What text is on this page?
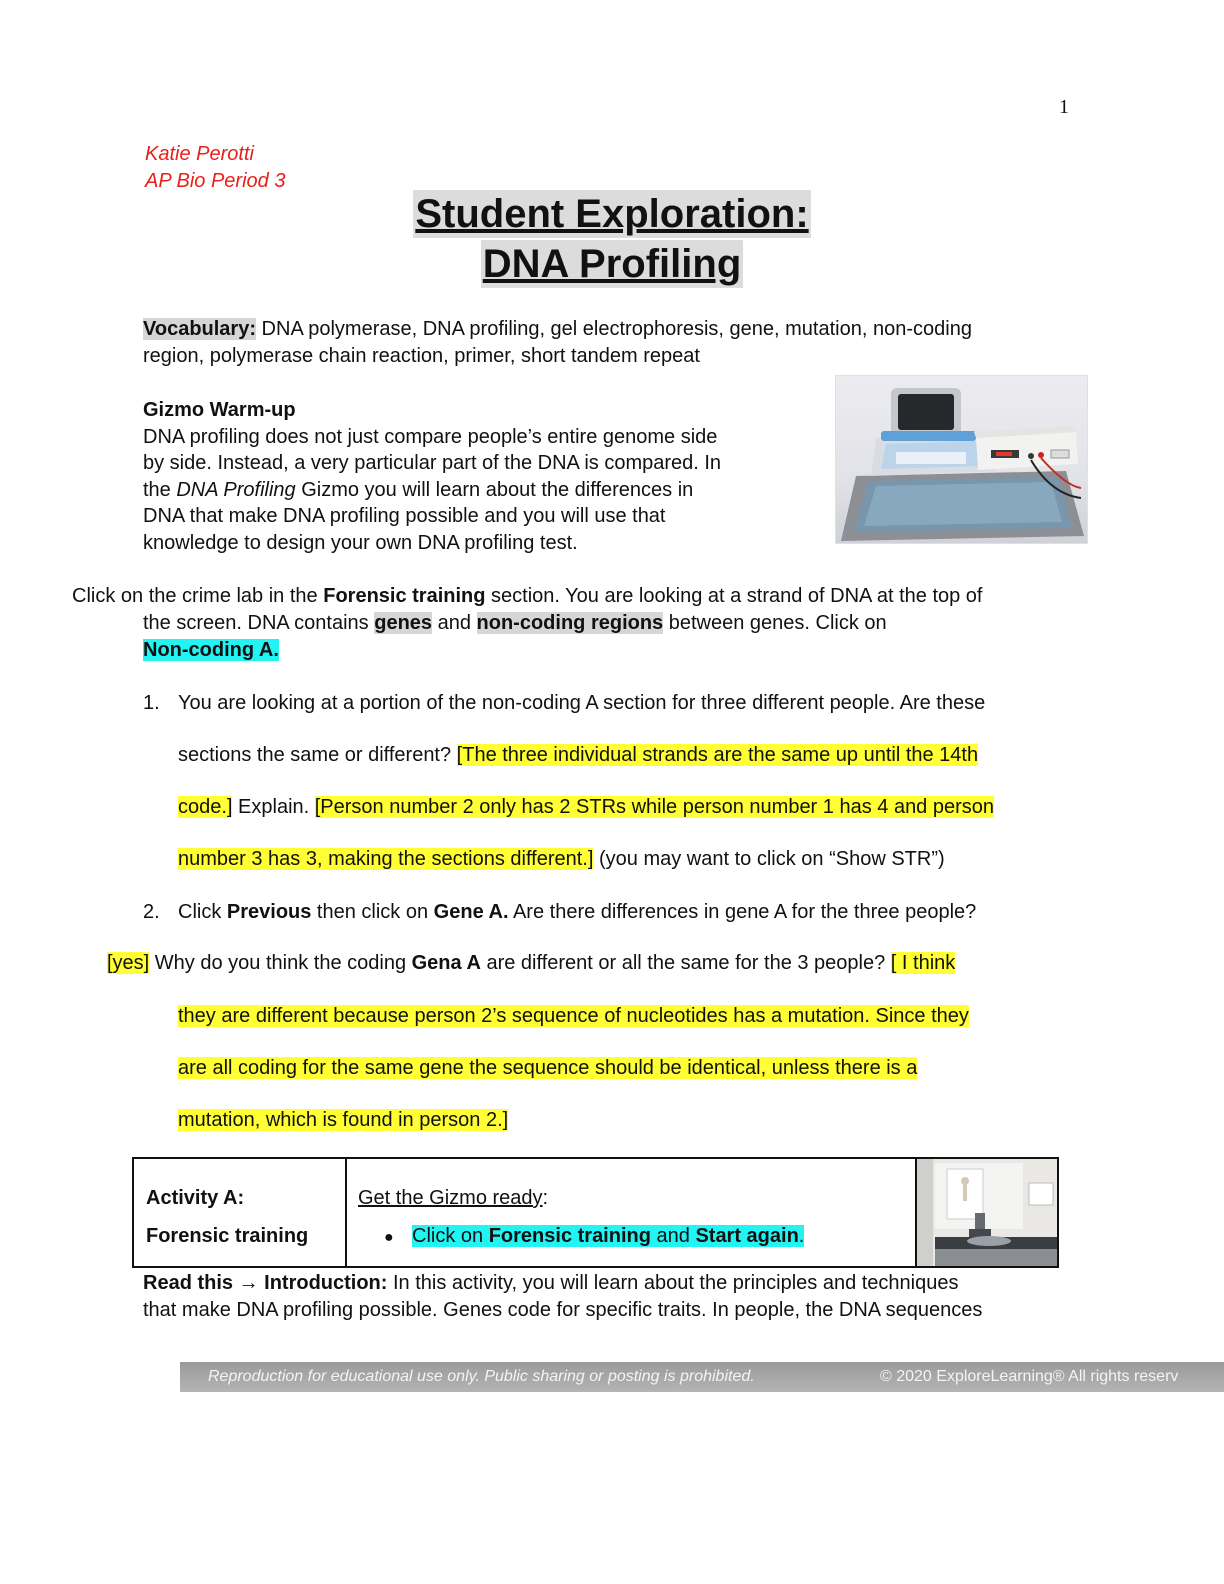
1
Katie Perotti
AP Bio Period 3
Student Exploration:
DNA Profiling
Vocabulary: DNA polymerase, DNA profiling, gel electrophoresis, gene, mutation, non-coding
region, polymerase chain reaction, primer, short tandem repeat
Gizmo Warm-up
DNA profiling does not just compare people’s entire genome side
by side. Instead, a very particular part of the DNA is compared. In
the DNA Profiling Gizmo you will learn about the differences in
DNA that make DNA profiling possible and you will use that
knowledge to design your own DNA profiling test.
Click on the crime lab in the Forensic training section. You are looking at a strand of DNA at the top of
the screen. DNA contains genes and non-coding regions between genes. Click on
Non-coding A.
1. You are looking at a portion of the non-coding A section for three different people. Are these
sections the same or different? [The three individual strands are the same up until the 14th
code.] Explain. [Person number 2 only has 2 STRs while person number 1 has 4 and person
number 3 has 3, making the sections different.] (you may want to click on “Show STR”)
2. Click Previous then click on Gene A. Are there differences in gene A for the three people?
[yes] Why do you think the coding Gena A are different or all the same for the 3 people? [ I think
they are different because person 2’s sequence of nucleotides has a mutation. Since they
are all coding for the same gene the sequence should be identical, unless there is a
mutation, which is found in person 2.]
Activity A:
Forensic training

Get the Gizmo ready:
● Click on Forensic training and Start again.

Read this → Introduction: In this activity, you will learn about the principles and techniques
that make DNA profiling possible. Genes code for specific traits. In people, the DNA sequences
Reproduction for educational use only. Public sharing or posting is prohibited.	© 2020 ExploreLearning® All rights reserv
